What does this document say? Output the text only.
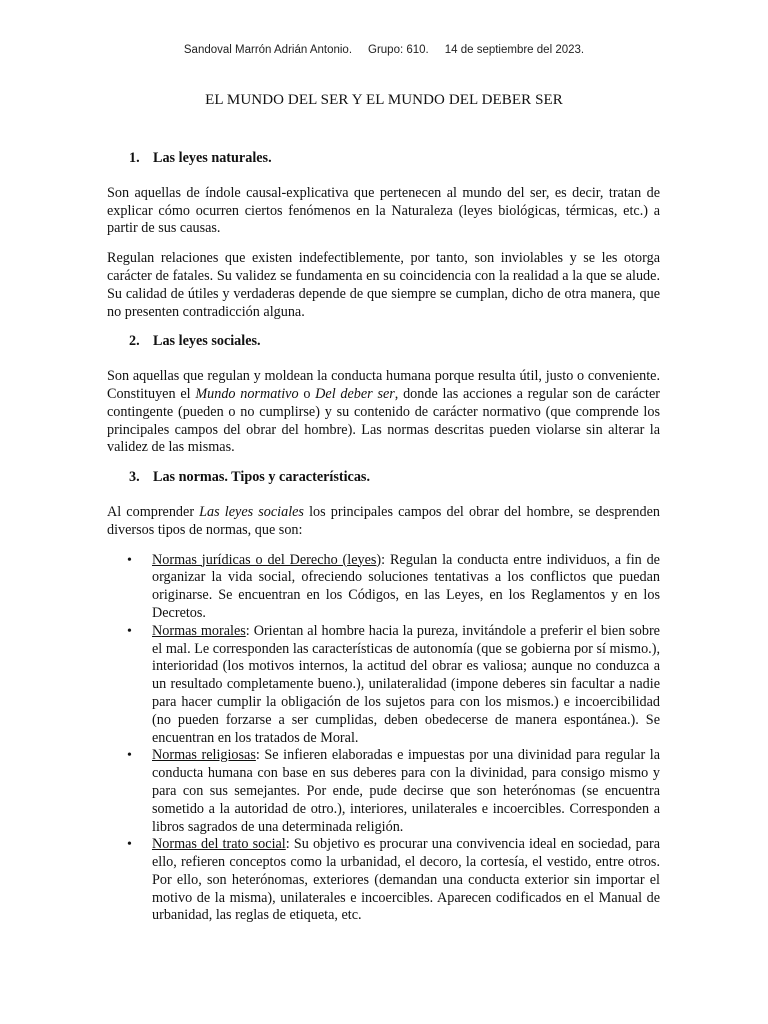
Sandoval Marrón Adrián Antonio. Grupo: 610. 14 de septiembre del 2023.
EL MUNDO DEL SER Y EL MUNDO DEL DEBER SER
1. Las leyes naturales.

Son aquellas de índole causal-explicativa que pertenecen al mundo del ser, es decir, tratan de explicar cómo ocurren ciertos fenómenos en la Naturaleza (leyes biológicas, térmicas, etc.) a partir de sus causas.

Regulan relaciones que existen indefectiblemente, por tanto, son inviolables y se les otorga carácter de fatales. Su validez se fundamenta en su coincidencia con la realidad a la que se alude. Su calidad de útiles y verdaderas depende de que siempre se cumplan, dicho de otra manera, que no presenten contradicción alguna.

2. Las leyes sociales.

Son aquellas que regulan y moldean la conducta humana porque resulta útil, justo o conveniente. Constituyen el Mundo normativo o Del deber ser, donde las acciones a regular son de carácter contingente (pueden o no cumplirse) y su contenido de carácter normativo (que comprende los principales campos del obrar del hombre). Las normas descritas pueden violarse sin alterar la validez de las mismas.

3. Las normas. Tipos y características.

Al comprender Las leyes sociales los principales campos del obrar del hombre, se desprenden diversos tipos de normas, que son:

• Normas jurídicas o del Derecho (leyes): Regulan la conducta entre individuos, a fin de organizar la vida social, ofreciendo soluciones tentativas a los conflictos que puedan originarse. Se encuentran en los Códigos, en las Leyes, en los Reglamentos y en los Decretos.
• Normas morales: Orientan al hombre hacia la pureza, invitándole a preferir el bien sobre el mal. Le corresponden las características de autonomía (que se gobierna por sí mismo.), interioridad (los motivos internos, la actitud del obrar es valiosa; aunque no conduzca a un resultado completamente bueno.), unilateralidad (impone deberes sin facultar a nadie para hacer cumplir la obligación de los sujetos para con los mismos.) e incoercibilidad (no pueden forzarse a ser cumplidas, deben obedecerse de manera espontánea.). Se encuentran en los tratados de Moral.
• Normas religiosas: Se infieren elaboradas e impuestas por una divinidad para regular la conducta humana con base en sus deberes para con la divinidad, para consigo mismo y para con sus semejantes. Por ende, pude decirse que son heterónomas (se encuentra sometido a la autoridad de otro.), interiores, unilaterales e incoercibles. Corresponden a libros sagrados de una determinada religión.
• Normas del trato social: Su objetivo es procurar una convivencia ideal en sociedad, para ello, refieren conceptos como la urbanidad, el decoro, la cortesía, el vestido, entre otros. Por ello, son heterónomas, exteriores (demandan una conducta exterior sin importar el motivo de la misma), unilaterales e incoercibles. Aparecen codificados en el Manual de urbanidad, las reglas de etiqueta, etc.
